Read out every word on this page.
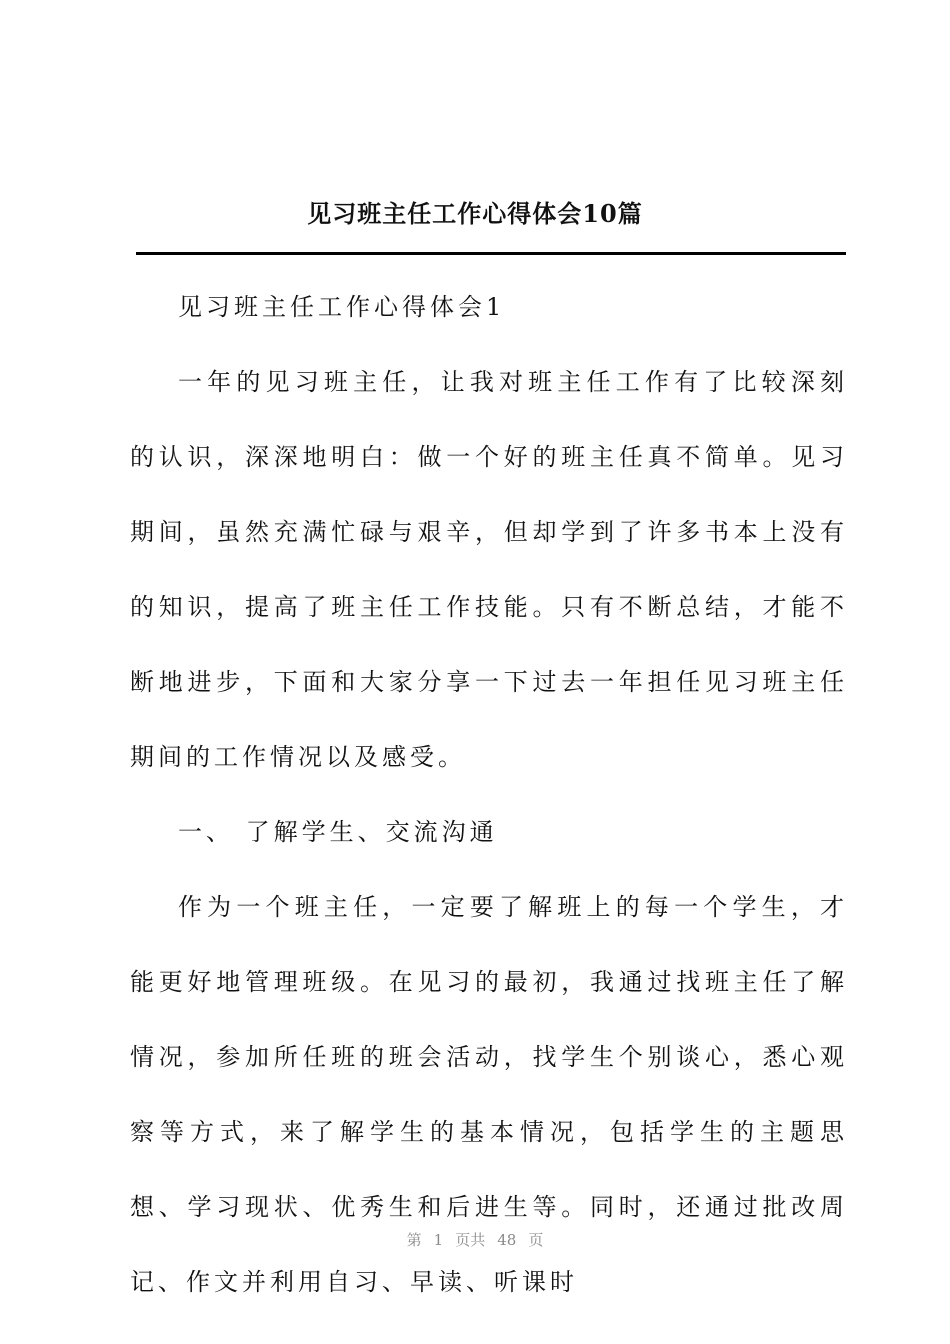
见习班主任工作心得体会10篇

见习班主任工作心得体会1

一年的见习班主任，让我对班主任工作有了比较深刻的认识，深深地明白：做一个好的班主任真不简单。见习期间，虽然充满忙碌与艰辛，但却学到了许多书本上没有的知识，提高了班主任工作技能。只有不断总结，才能不断地进步，下面和大家分享一下过去一年担任见习班主任期间的工作情况以及感受。

一、 了解学生、交流沟通

作为一个班主任，一定要了解班上的每一个学生，才能更好地管理班级。在见习的最初，我通过找班主任了解情况，参加所任班的班会活动，找学生个别谈心，悉心观察等方式，来了解学生的基本情况，包括学生的主题思想、学习现状、优秀生和后进生等。同时，还通过批改周记、作文并利用自习、早读、听课时

第 1 页共 48 页
